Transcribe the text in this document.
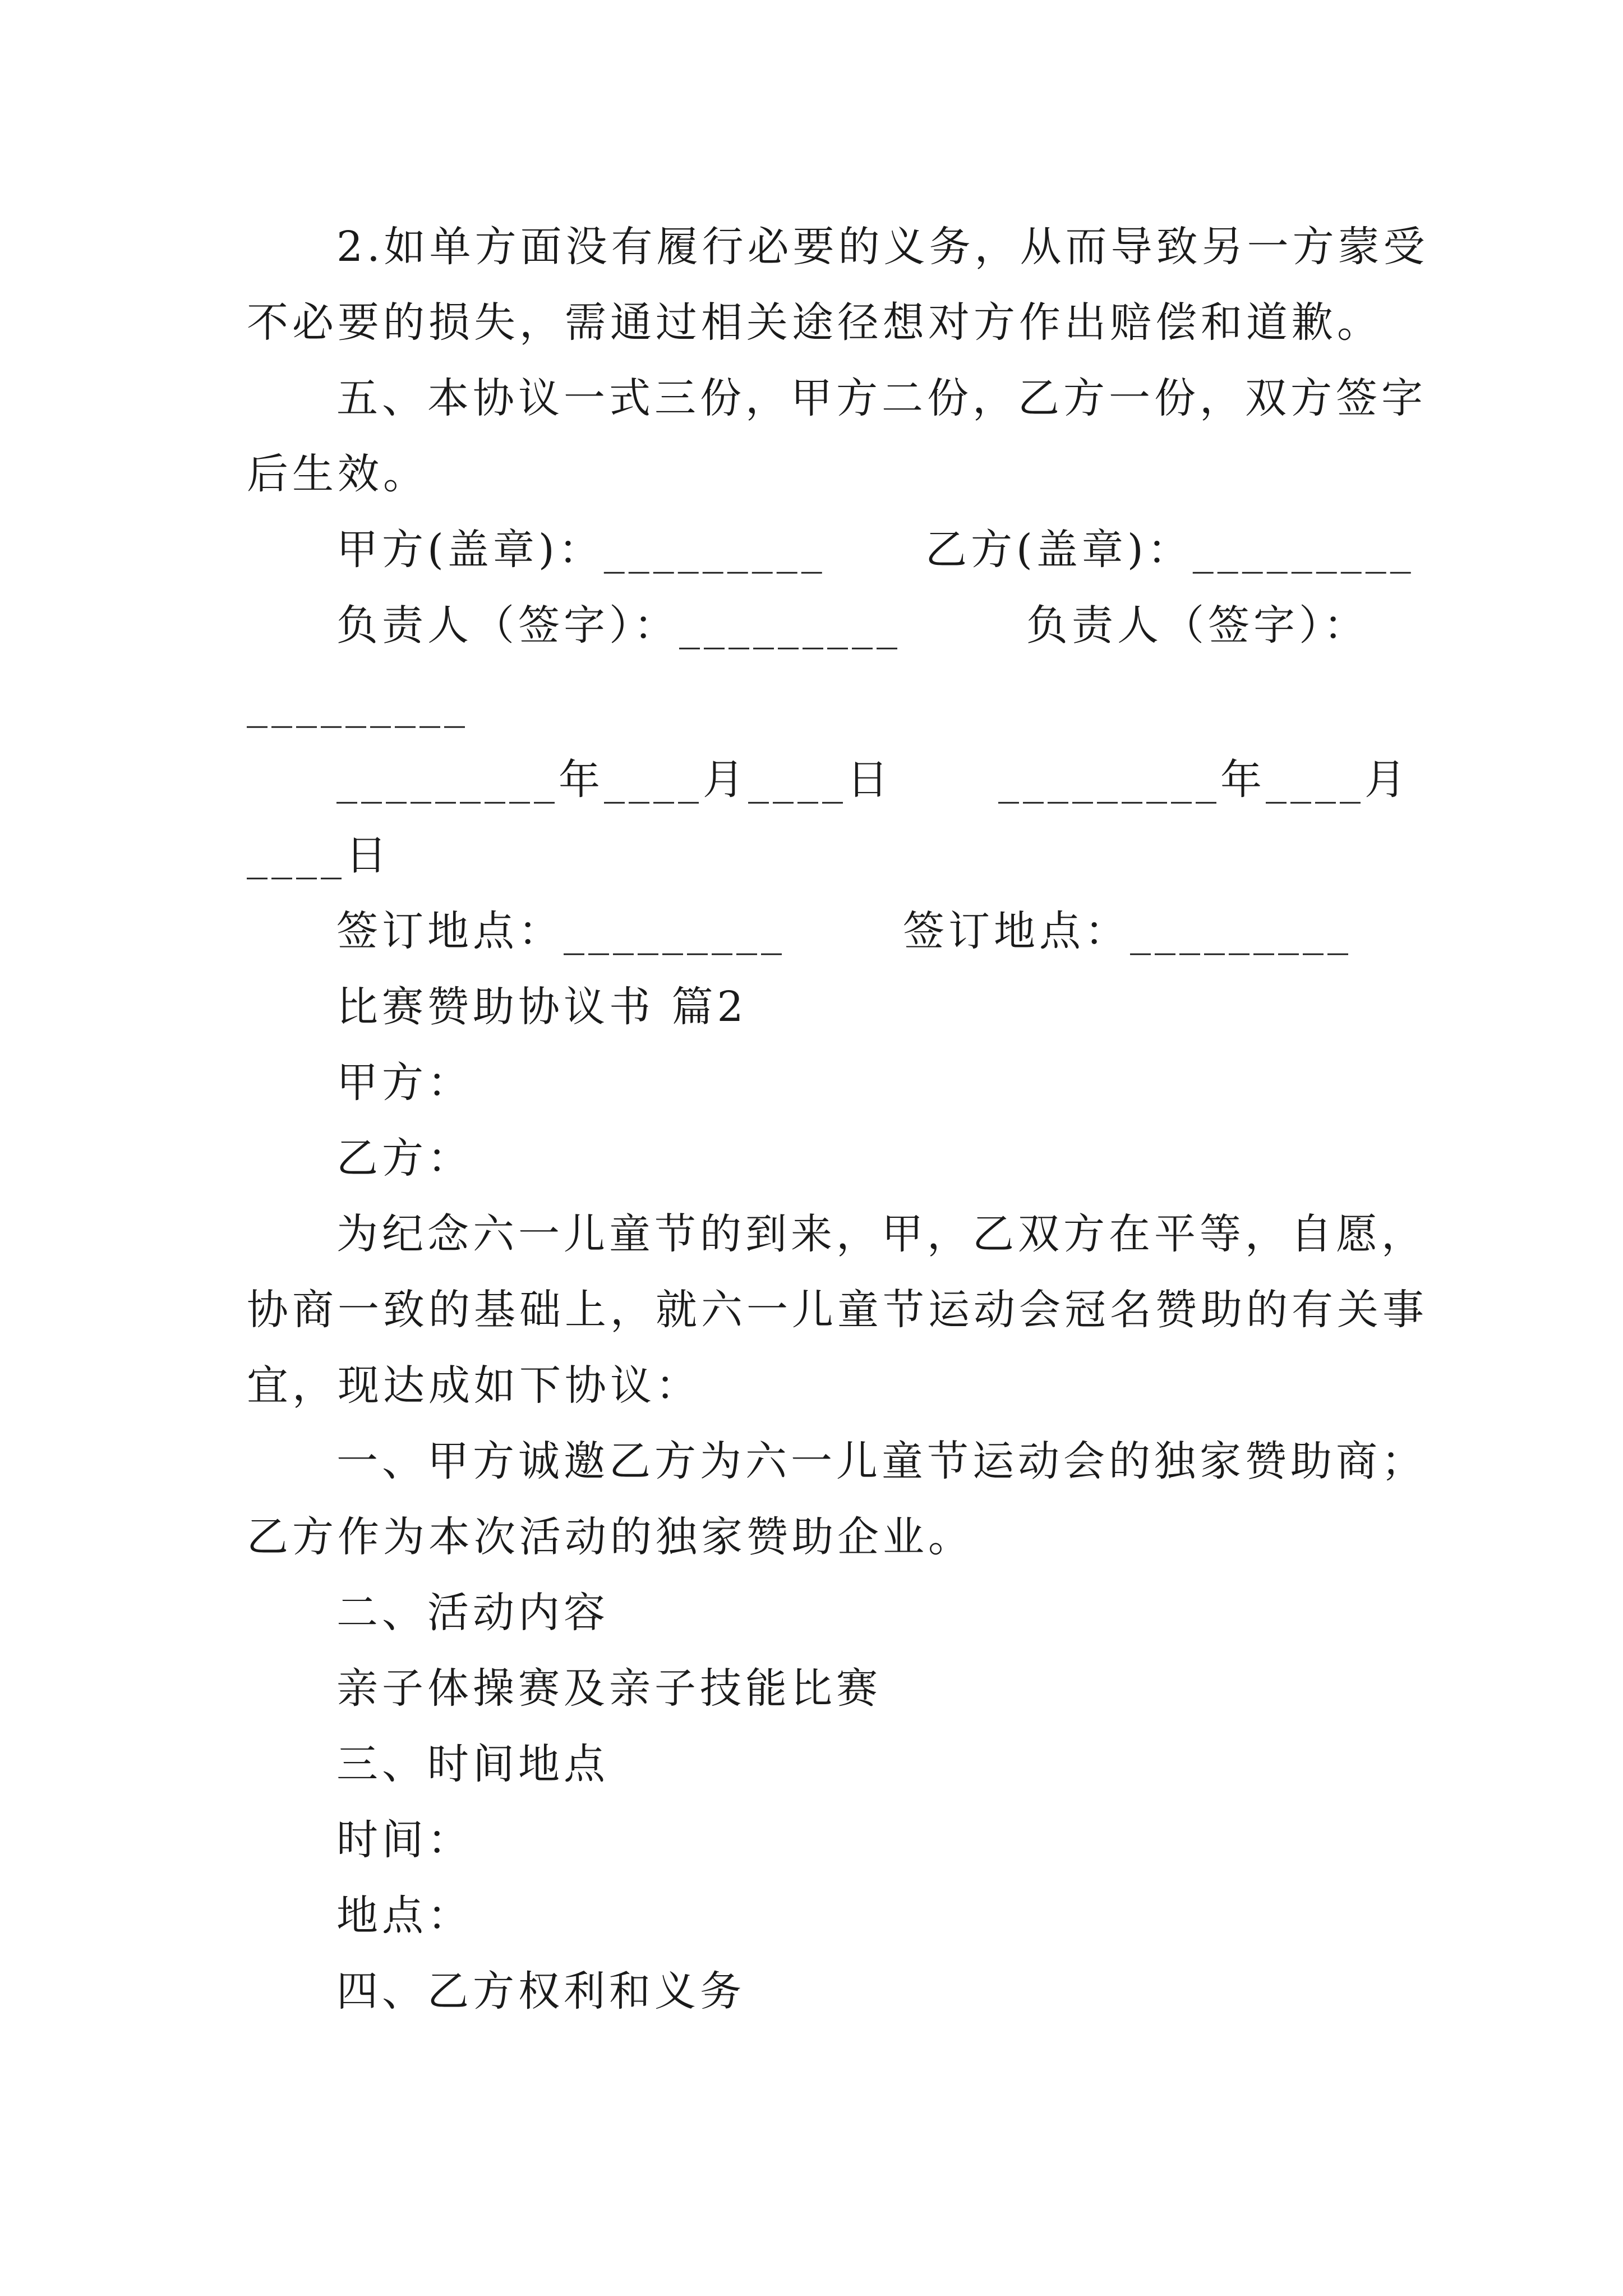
2.如单方面没有履行必要的义务，从而导致另一方蒙受

不必要的损失，需通过相关途径想对方作出赔偿和道歉。

五、本协议一式三份，甲方二份，乙方一份，双方签字

后生效。

甲方(盖章)：_________ 乙方(盖章)：_________

负责人（签字）：_________	负责人（签字）：

_________

_________年____月____日	_________年____月

____日

签订地点：_________	签订地点：_________

比赛赞助协议书 篇2

甲方：

乙方：

为纪念六一儿童节的到来，甲，乙双方在平等，自愿，

协商一致的基础上，就六一儿童节运动会冠名赞助的有关事

宜，现达成如下协议：

一、甲方诚邀乙方为六一儿童节运动会的独家赞助商；

乙方作为本次活动的独家赞助企业。

二、活动内容

亲子体操赛及亲子技能比赛

三、时间地点

时间：

地点：

四、乙方权利和义务
